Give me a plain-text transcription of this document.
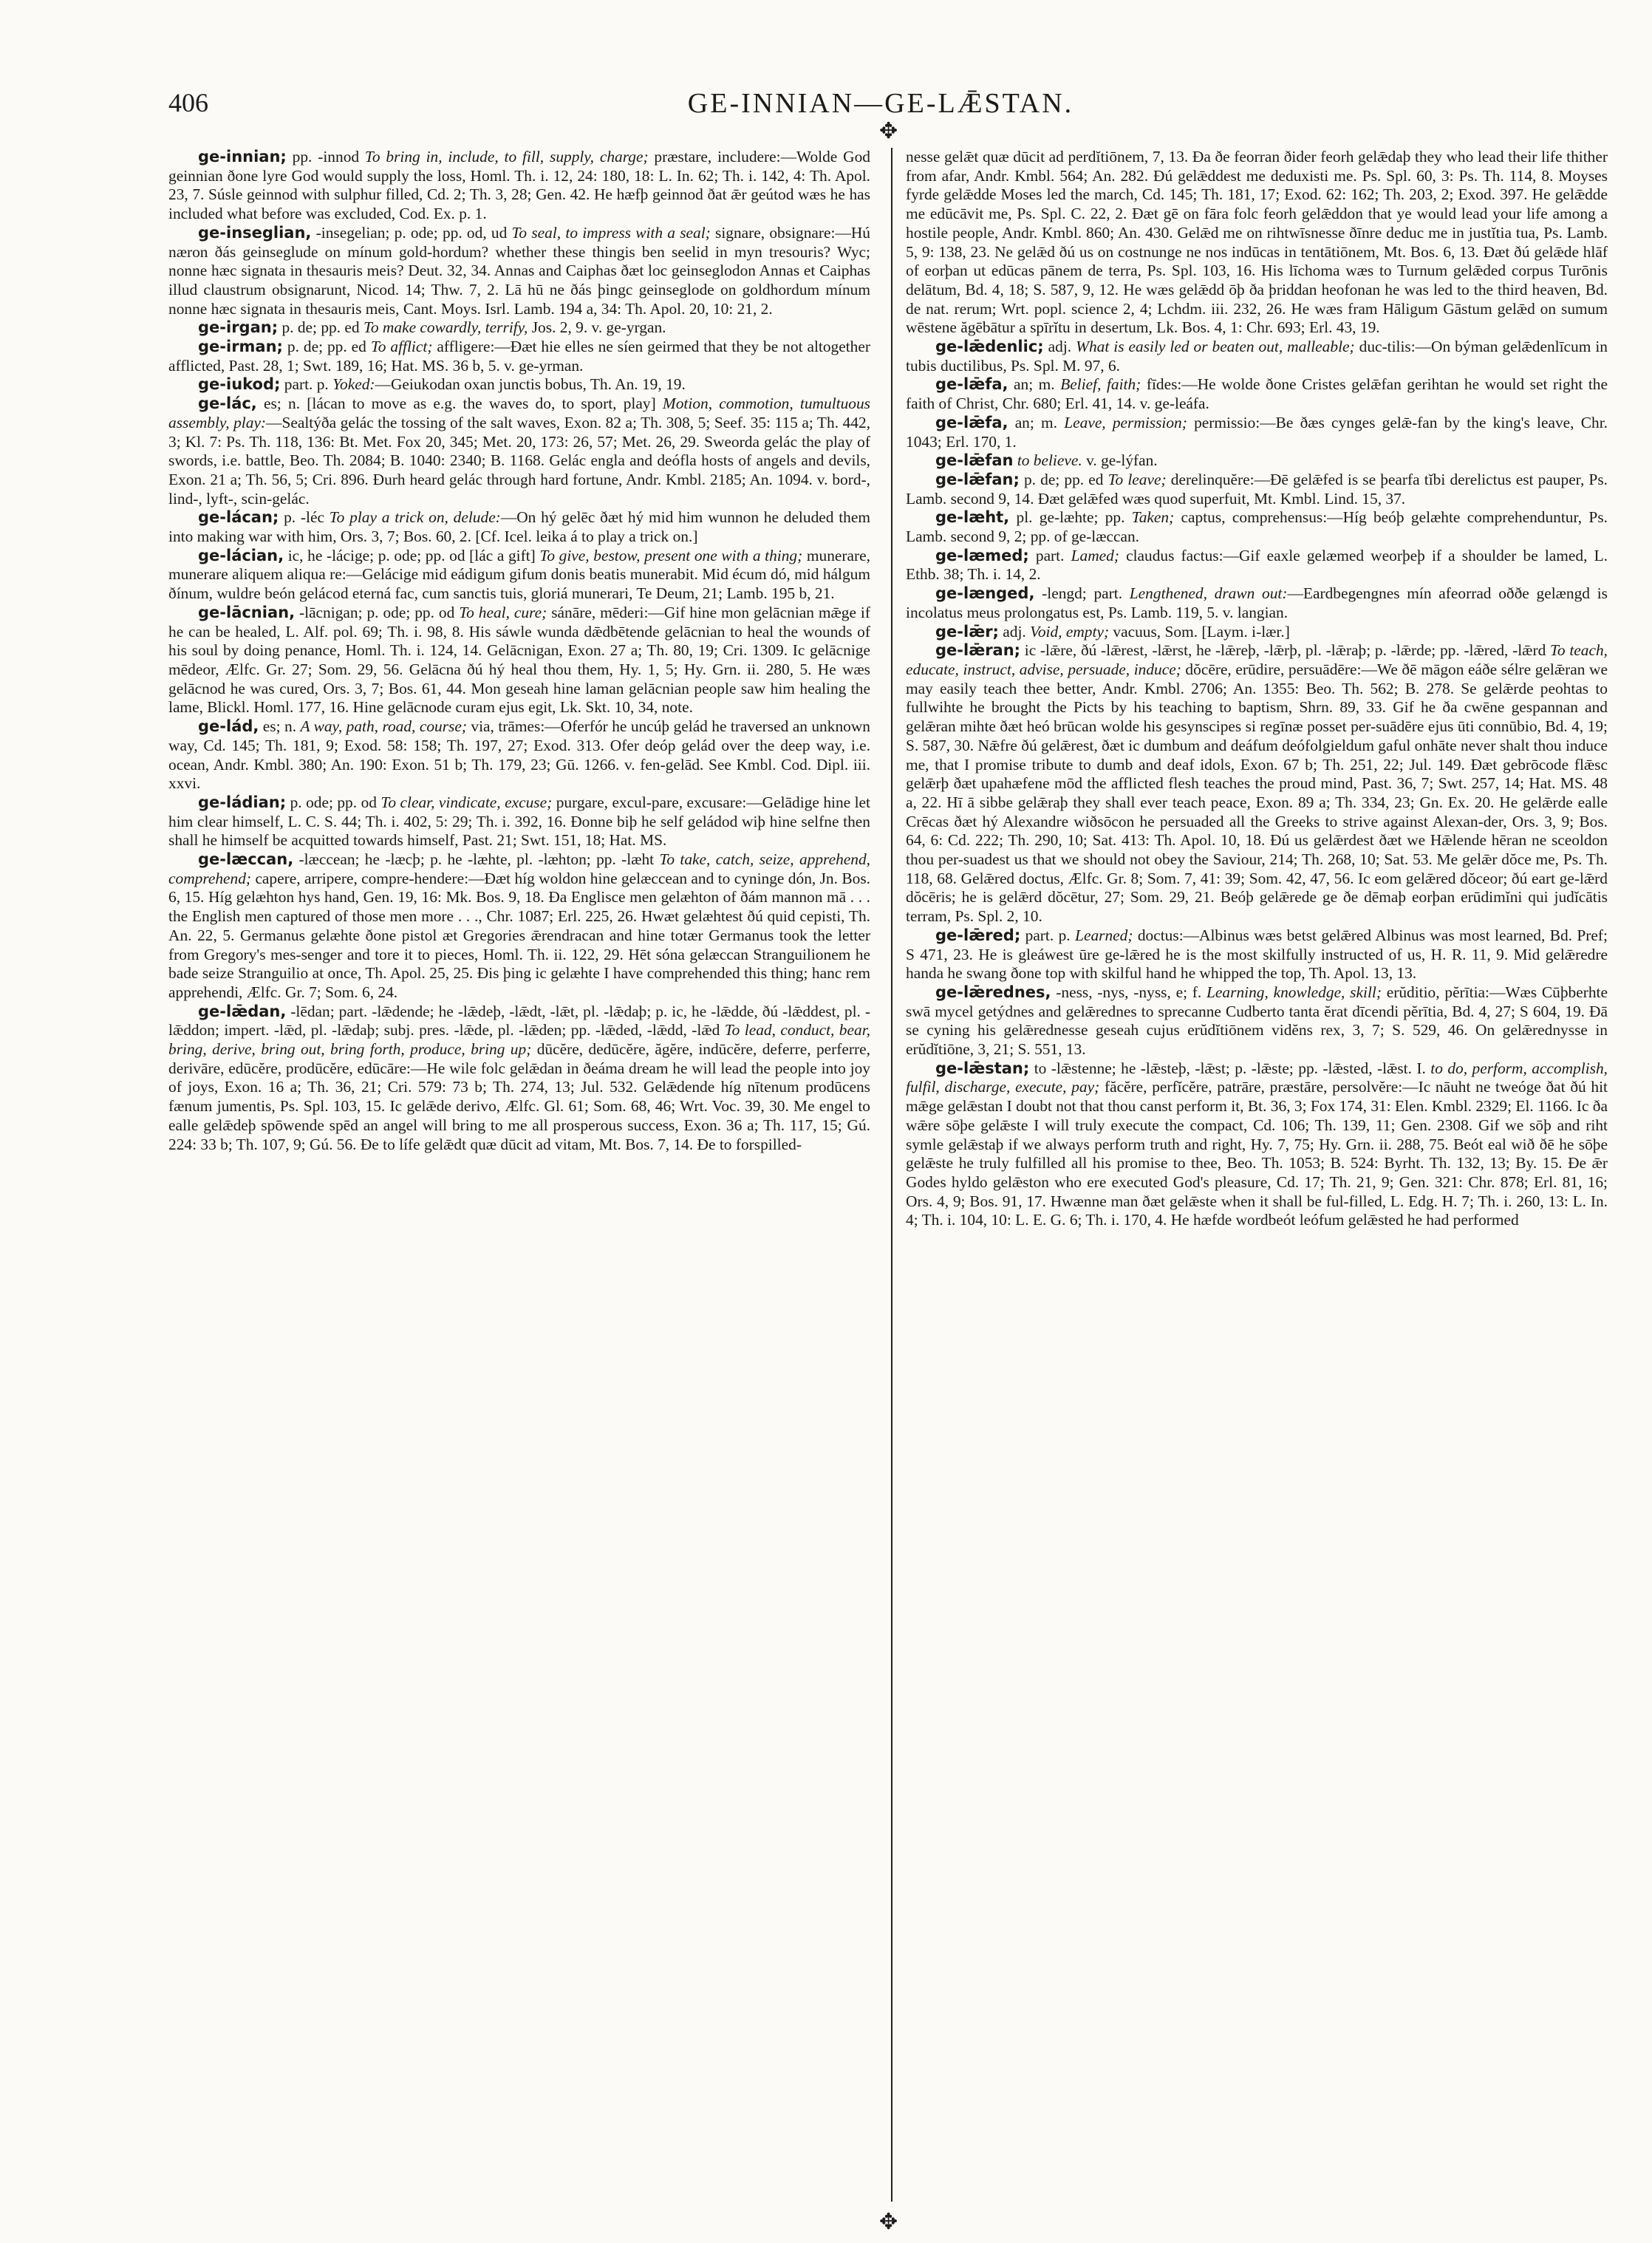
406	GE-INNIAN—GE-LǢSTAN.
✥
✥

ge-innian; pp. -innod To bring in, include, to fill, supply, charge; præstare, includere:—Wolde God geinnian ðone lyre God would supply the loss, Homl. Th. i. 12, 24: 180, 18: L. In. 62; Th. i. 142, 4: Th. Apol. 23, 7. Súsle geinnod with sulphur filled, Cd. 2; Th. 3, 28; Gen. 42. He hæfþ geinnod ðat ǣr geútod wæs he has included what before was excluded, Cod. Ex. p. 1.

ge-inseglian, -insegelian; p. ode; pp. od, ud To seal, to impress with a seal; signare, obsignare:—Hú næron ðás geinseglude on mínum gold-hordum? whether these thingis ben seelid in myn tresouris? Wyc; nonne hæc signata in thesauris meis? Deut. 32, 34. Annas and Caiphas ðæt loc geinseglodon Annas et Caiphas illud claustrum obsignarunt, Nicod. 14; Thw. 7, 2. Lā hū ne ðás þingc geinseglode on goldhordum mínum nonne hæc signata in thesauris meis, Cant. Moys. Isrl. Lamb. 194 a, 34: Th. Apol. 20, 10: 21, 2.

ge-irgan; p. de; pp. ed To make cowardly, terrify, Jos. 2, 9. v. ge-yrgan.

ge-irman; p. de; pp. ed To afflict; affligere:—Ðæt hie elles ne síen geirmed that they be not altogether afflicted, Past. 28, 1; Swt. 189, 16; Hat. MS. 36 b, 5. v. ge-yrman.

ge-iukod; part. p. Yoked:—Geiukodan oxan junctis bobus, Th. An. 19, 19.

ge-lác, es; n. [lácan to move as e.g. the waves do, to sport, play] Motion, commotion, tumultuous assembly, play:—Sealtýða gelác the tossing of the salt waves, Exon. 82 a; Th. 308, 5; Seef. 35: 115 a; Th. 442, 3; Kl. 7: Ps. Th. 118, 136: Bt. Met. Fox 20, 345; Met. 20, 173: 26, 57; Met. 26, 29. Sweorda gelác the play of swords, i.e. battle, Beo. Th. 2084; B. 1040: 2340; B. 1168. Gelác engla and deófla hosts of angels and devils, Exon. 21 a; Th. 56, 5; Cri. 896. Ðurh heard gelác through hard fortune, Andr. Kmbl. 2185; An. 1094. v. bord-, lind-, lyft-, scin-gelác.

ge-lácan; p. -léc To play a trick on, delude:—On hý gelēc ðæt hý mid him wunnon he deluded them into making war with him, Ors. 3, 7; Bos. 60, 2. [Cf. Icel. leika á to play a trick on.]

ge-lácian, ic, he -lácige; p. ode; pp. od [lác a gift] To give, bestow, present one with a thing; munerare, munerare aliquem aliqua re:—Gelácige mid eádigum gifum donis beatis munerabit. Mid écum dó, mid hálgum ðínum, wuldre beón gelácod eterná fac, cum sanctis tuis, gloriá munerari, Te Deum, 21; Lamb. 195 b, 21.

ge-lācnian, -lācnigan; p. ode; pp. od To heal, cure; sánāre, mēderi:—Gif hine mon gelācnian mǣge if he can be healed, L. Alf. pol. 69; Th. i. 98, 8. His sáwle wunda dǣdbētende gelācnian to heal the wounds of his soul by doing penance, Homl. Th. i. 124, 14. Gelācnigan, Exon. 27 a; Th. 80, 19; Cri. 1309. Ic gelācnige mēdeor, Ælfc. Gr. 27; Som. 29, 56. Gelācna ðú hý heal thou them, Hy. 1, 5; Hy. Grn. ii. 280, 5. He wæs gelācnod he was cured, Ors. 3, 7; Bos. 61, 44. Mon geseah hine laman gelācnian people saw him healing the lame, Blickl. Homl. 177, 16. Hine gelācnode curam ejus egit, Lk. Skt. 10, 34, note.

ge-lád, es; n. A way, path, road, course; via, trāmes:—Oferfór he uncúþ gelád he traversed an unknown way, Cd. 145; Th. 181, 9; Exod. 58: 158; Th. 197, 27; Exod. 313. Ofer deóp gelád over the deep way, i.e. ocean, Andr. Kmbl. 380; An. 190: Exon. 51 b; Th. 179, 23; Gū. 1266. v. fen-gelād. See Kmbl. Cod. Dipl. iii. xxvi.

ge-ládian; p. ode; pp. od To clear, vindicate, excuse; purgare, excul-pare, excusare:—Gelādige hine let him clear himself, L. C. S. 44; Th. i. 402, 5: 29; Th. i. 392, 16. Ðonne biþ he self geládod wiþ hine selfne then shall he himself be acquitted towards himself, Past. 21; Swt. 151, 18; Hat. MS.

ge-læccan, -læccean; he -læcþ; p. he -læhte, pl. -læhton; pp. -læht To take, catch, seize, apprehend, comprehend; capere, arripere, compre-hendere:—Ðæt híg woldon hine gelæccean and to cyninge dón, Jn. Bos. 6, 15. Híg gelæhton hys hand, Gen. 19, 16: Mk. Bos. 9, 18. Ða Englisce men gelæhton of ðám mannon mā . . . the English men captured of those men more . . ., Chr. 1087; Erl. 225, 26. Hwæt gelæhtest ðú quid cepisti, Th. An. 22, 5. Germanus gelæhte ðone pistol æt Gregories ǣrendracan and hine totær Germanus took the letter from Gregory's mes-senger and tore it to pieces, Homl. Th. ii. 122, 29. Hēt sóna gelæccan Stranguilionem he bade seize Stranguilio at once, Th. Apol. 25, 25. Ðis þing ic gelæhte I have comprehended this thing; hanc rem apprehendi, Ælfc. Gr. 7; Som. 6, 24.

ge-lǣdan, -lēdan; part. -lǣdende; he -lǣdeþ, -lǣdt, -lǣt, pl. -lǣdaþ; p. ic, he -lǣdde, ðú -lǣddest, pl. -lǣddon; impert. -lǣd, pl. -lǣdaþ; subj. pres. -lǣde, pl. -lǣden; pp. -lǣded, -lǣdd, -lǣd To lead, conduct, bear, bring, derive, bring out, bring forth, produce, bring up; dūcĕre, dedūcĕre, ăgĕre, indūcĕre, deferre, perferre, derivāre, edūcĕre, prodūcĕre, edūcāre:—He wile folc gelǣdan in ðeáma dream he will lead the people into joy of joys, Exon. 16 a; Th. 36, 21; Cri. 579: 73 b; Th. 274, 13; Jul. 532. Gelǣdende híg nītenum prodūcens fænum jumentis, Ps. Spl. 103, 15. Ic gelǣde derivo, Ælfc. Gl. 61; Som. 68, 46; Wrt. Voc. 39, 30. Me engel to ealle gelǣdeþ spōwende spēd an angel will bring to me all prosperous success, Exon. 36 a; Th. 117, 15; Gú. 224: 33 b; Th. 107, 9; Gú. 56. Ðe to lífe gelǣdt quæ dūcit ad vitam, Mt. Bos. 7, 14. Ðe to forspilled-

nesse gelǣt quæ dūcit ad perdĭtiōnem, 7, 13. Ða ðe feorran ðider feorh gelǣdaþ they who lead their life thither from afar, Andr. Kmbl. 564; An. 282. Ðú gelǣddest me deduxisti me. Ps. Spl. 60, 3: Ps. Th. 114, 8. Moyses fyrde gelǣdde Moses led the march, Cd. 145; Th. 181, 17; Exod. 62: 162; Th. 203, 2; Exod. 397. He gelǣdde me edūcāvit me, Ps. Spl. C. 22, 2. Ðæt gē on fāra folc feorh gelǣddon that ye would lead your life among a hostile people, Andr. Kmbl. 860; An. 430. Gelǣd me on rihtwīsnesse ðīnre deduc me in justĭtia tua, Ps. Lamb. 5, 9: 138, 23. Ne gelǣd ðú us on costnunge ne nos indūcas in tentātiōnem, Mt. Bos. 6, 13. Ðæt ðú gelǣde hlāf of eorþan ut edūcas pānem de terra, Ps. Spl. 103, 16. His līchoma wæs to Turnum gelǣded corpus Turōnis delātum, Bd. 4, 18; S. 587, 9, 12. He wæs gelǣdd ōþ ða þriddan heofonan he was led to the third heaven, Bd. de nat. rerum; Wrt. popl. science 2, 4; Lchdm. iii. 232, 26. He wæs fram Hāligum Gāstum gelǣd on sumum wēstene ăgēbātur a spīrĭtu in desertum, Lk. Bos. 4, 1: Chr. 693; Erl. 43, 19.

ge-lǣdenlic; adj. What is easily led or beaten out, malleable; duc-tilis:—On býman gelǣdenlīcum in tubis ductilibus, Ps. Spl. M. 97, 6.

ge-lǣfa, an; m. Belief, faith; fīdes:—He wolde ðone Cristes gelǣfan gerihtan he would set right the faith of Christ, Chr. 680; Erl. 41, 14. v. ge-leáfa.

ge-lǣfa, an; m. Leave, permission; permissio:—Be ðæs cynges gelǣ-fan by the king's leave, Chr. 1043; Erl. 170, 1.

ge-lǣfan to believe. v. ge-lýfan.

ge-lǣfan; p. de; pp. ed To leave; derelinquĕre:—Ðē gelǣfed is se þearfa tĭbi derelictus est pauper, Ps. Lamb. second 9, 14. Ðæt gelǣfed wæs quod superfuit, Mt. Kmbl. Lind. 15, 37.

ge-læht, pl. ge-læhte; pp. Taken; captus, comprehensus:—Híg beóþ gelæhte comprehenduntur, Ps. Lamb. second 9, 2; pp. of ge-læccan.

ge-læmed; part. Lamed; claudus factus:—Gif eaxle gelæmed weorþeþ if a shoulder be lamed, L. Ethb. 38; Th. i. 14, 2.

ge-længed, -lengd; part. Lengthened, drawn out:—Eardbegengnes mín afeorrad oððe gelængd is incolatus meus prolongatus est, Ps. Lamb. 119, 5. v. langian.

ge-lǣr; adj. Void, empty; vacuus, Som. [Laym. i-lær.]

ge-lǣran; ic -lǣre, ðú -lǣrest, -lǣrst, he -lǣreþ, -lǣrþ, pl. -lǣraþ; p. -lǣrde; pp. -lǣred, -lǣrd To teach, educate, instruct, advise, persuade, induce; dŏcēre, erūdire, persuādēre:—We ðē māgon eáðe sélre gelǣran we may easily teach thee better, Andr. Kmbl. 2706; An. 1355: Beo. Th. 562; B. 278. Se gelǣrde peohtas to fullwihte he brought the Picts by his teaching to baptism, Shrn. 89, 33. Gif he ða cwēne gespannan and gelǣran mihte ðæt heó brūcan wolde his gesynscipes si regīnæ posset per-suādēre ejus ūti connūbio, Bd. 4, 19; S. 587, 30. Nǣfre ðú gelǣrest, ðæt ic dumbum and deáfum deófolgieldum gaful onhāte never shalt thou induce me, that I promise tribute to dumb and deaf idols, Exon. 67 b; Th. 251, 22; Jul. 149. Ðæt gebrōcode flǣsc gelǣrþ ðæt upahæfene mōd the afflicted flesh teaches the proud mind, Past. 36, 7; Swt. 257, 14; Hat. MS. 48 a, 22. Hī ā sibbe gelǣraþ they shall ever teach peace, Exon. 89 a; Th. 334, 23; Gn. Ex. 20. He gelǣrde ealle Crēcas ðæt hý Alexandre wiðsōcon he persuaded all the Greeks to strive against Alexan-der, Ors. 3, 9; Bos. 64, 6: Cd. 222; Th. 290, 10; Sat. 413: Th. Apol. 10, 18. Ðú us gelǣrdest ðæt we Hǣlende hēran ne sceoldon thou per-suadest us that we should not obey the Saviour, 214; Th. 268, 10; Sat. 53. Me gelǣr dŏce me, Ps. Th. 118, 68. Gelǣred doctus, Ælfc. Gr. 8; Som. 7, 41: 39; Som. 42, 47, 56. Ic eom gelǣred dŏceor; ðú eart ge-lǣrd dŏcēris; he is gelǣrd dŏcētur, 27; Som. 29, 21. Beóþ gelǣrede ge ðe dēmaþ eorþan erūdimĭni qui judĭcātis terram, Ps. Spl. 2, 10.

ge-lǣred; part. p. Learned; doctus:—Albinus wæs betst gelǣred Albinus was most learned, Bd. Pref; S 471, 23. He is gleáwest ūre ge-lǣred he is the most skilfully instructed of us, H. R. 11, 9. Mid gelǣredre handa he swang ðone top with skilful hand he whipped the top, Th. Apol. 13, 13.

ge-lǣrednes, -ness, -nys, -nyss, e; f. Learning, knowledge, skill; erŭditio, pĕrītia:—Wæs Cūþberhte swā mycel getýdnes and gelǣrednes to sprecanne Cudberto tanta ĕrat dīcendi pĕrītia, Bd. 4, 27; S 604, 19. Ðā se cyning his gelǣrednesse geseah cujus erŭdĭtiōnem vidĕns rex, 3, 7; S. 529, 46. On gelǣrednysse in erŭdĭtiōne, 3, 21; S. 551, 13.

ge-lǣstan; to -lǣstenne; he -lǣsteþ, -lǣst; p. -lǣste; pp. -lǣsted, -lǣst. I. to do, perform, accomplish, fulfil, discharge, execute, pay; făcĕre, perfĭcĕre, patrāre, præstāre, persolvĕre:—Ic nāuht ne tweóge ðat ðú hit mǣge gelǣstan I doubt not that thou canst perform it, Bt. 36, 3; Fox 174, 31: Elen. Kmbl. 2329; El. 1166. Ic ða wǣre sōþe gelǣste I will truly execute the compact, Cd. 106; Th. 139, 11; Gen. 2308. Gif we sōþ and riht symle gelǣstaþ if we always perform truth and right, Hy. 7, 75; Hy. Grn. ii. 288, 75. Beót eal wið ðē he sōþe gelǣste he truly fulfilled all his promise to thee, Beo. Th. 1053; B. 524: Byrht. Th. 132, 13; By. 15. Ðe ǣr Godes hyldo gelǣston who ere executed God's pleasure, Cd. 17; Th. 21, 9; Gen. 321: Chr. 878; Erl. 81, 16; Ors. 4, 9; Bos. 91, 17. Hwænne man ðæt gelǣste when it shall be ful-filled, L. Edg. H. 7; Th. i. 260, 13: L. In. 4; Th. i. 104, 10: L. E. G. 6; Th. i. 170, 4. He hæfde wordbeót leófum gelǣsted he had performed
